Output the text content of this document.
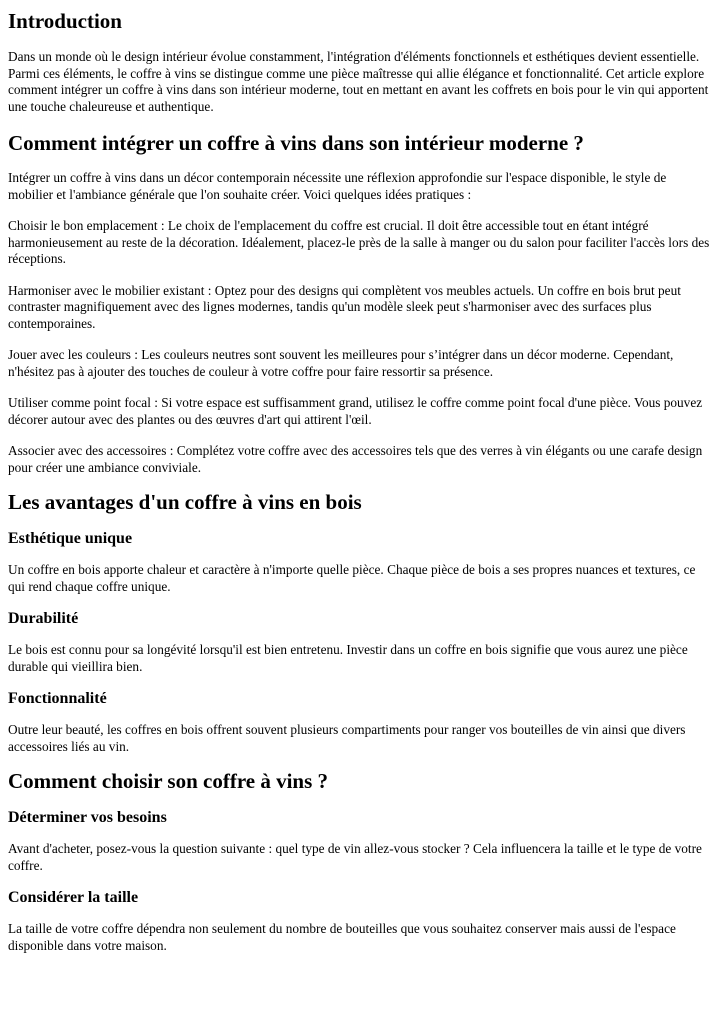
Introduction

Dans un monde où le design intérieur évolue constamment, l'intégration d'éléments fonctionnels et esthétiques devient essentielle. Parmi ces éléments, le coffre à vins se distingue comme une pièce maîtresse qui allie élégance et fonctionnalité. Cet article explore comment intégrer un coffre à vins dans son intérieur moderne, tout en mettant en avant les coffrets en bois pour le vin qui apportent une touche chaleureuse et authentique.

Comment intégrer un coffre à vins dans son intérieur moderne ?

Intégrer un coffre à vins dans un décor contemporain nécessite une réflexion approfondie sur l'espace disponible, le style de mobilier et l'ambiance générale que l'on souhaite créer. Voici quelques idées pratiques :

Choisir le bon emplacement : Le choix de l'emplacement du coffre est crucial. Il doit être accessible tout en étant intégré harmonieusement au reste de la décoration. Idéalement, placez-le près de la salle à manger ou du salon pour faciliter l'accès lors des réceptions.

Harmoniser avec le mobilier existant : Optez pour des designs qui complètent vos meubles actuels. Un coffre en bois brut peut contraster magnifiquement avec des lignes modernes, tandis qu'un modèle sleek peut s'harmoniser avec des surfaces plus contemporaines.

Jouer avec les couleurs : Les couleurs neutres sont souvent les meilleures pour s’intégrer dans un décor moderne. Cependant, n'hésitez pas à ajouter des touches de couleur à votre coffre pour faire ressortir sa présence.

Utiliser comme point focal : Si votre espace est suffisamment grand, utilisez le coffre comme point focal d'une pièce. Vous pouvez décorer autour avec des plantes ou des œuvres d'art qui attirent l'œil.

Associer avec des accessoires : Complétez votre coffre avec des accessoires tels que des verres à vin élégants ou une carafe design pour créer une ambiance conviviale.

Les avantages d'un coffre à vins en bois
Esthétique unique

Un coffre en bois apporte chaleur et caractère à n'importe quelle pièce. Chaque pièce de bois a ses propres nuances et textures, ce qui rend chaque coffre unique.

Durabilité

Le bois est connu pour sa longévité lorsqu'il est bien entretenu. Investir dans un coffre en bois signifie que vous aurez une pièce durable qui vieillira bien.

Fonctionnalité

Outre leur beauté, les coffres en bois offrent souvent plusieurs compartiments pour ranger vos bouteilles de vin ainsi que divers accessoires liés au vin.

Comment choisir son coffre à vins ?
Déterminer vos besoins

Avant d'acheter, posez-vous la question suivante : quel type de vin allez-vous stocker ? Cela influencera la taille et le type de votre coffre.

Considérer la taille

La taille de votre coffre dépendra non seulement du nombre de bouteilles que vous souhaitez conserver mais aussi de l'espace disponible dans votre maison.
